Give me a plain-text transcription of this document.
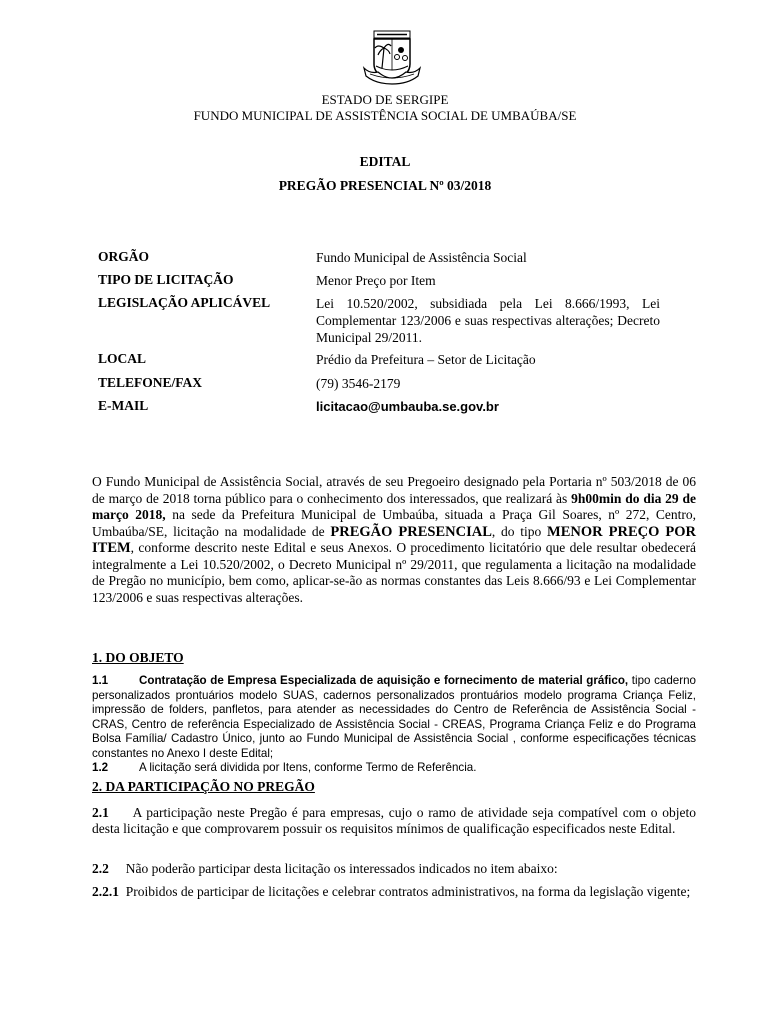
ESTADO DE SERGIPE
FUNDO MUNICIPAL DE ASSISTÊNCIA SOCIAL DE UMBAÚBA/SE
EDITAL
PREGÃO PRESENCIAL Nº 03/2018
ORGÃO	Fundo Municipal de Assistência Social
TIPO DE LICITAÇÃO	Menor Preço por Item
LEGISLAÇÃO APLICÁVEL	Lei 10.520/2002, subsidiada pela Lei 8.666/1993, Lei Complementar 123/2006 e suas respectivas alterações; Decreto Municipal 29/2011.
LOCAL	Prédio da Prefeitura – Setor de Licitação
TELEFONE/FAX	(79) 3546-2179
E-MAIL	licitacao@umbauba.se.gov.br

O Fundo Municipal de Assistência Social, através de seu Pregoeiro designado pela Portaria nº 503/2018 de 06 de março de 2018 torna público para o conhecimento dos interessados, que realizará às 9h00min do dia 29 de março 2018, na sede da Prefeitura Municipal de Umbaúba, situada a Praça Gil Soares, nº 272, Centro, Umbaúba/SE, licitação na modalidade de PREGÃO PRESENCIAL, do tipo MENOR PREÇO POR ITEM, conforme descrito neste Edital e seus Anexos. O procedimento licitatório que dele resultar obedecerá integralmente a Lei 10.520/2002, o Decreto Municipal nº 29/2011, que regulamenta a licitação na modalidade de Pregão no município, bem como, aplicar-se-ão as normas constantes das Leis 8.666/93 e Lei Complementar 123/2006 e suas respectivas alterações.

1. DO OBJETO

1.1	Contratação de Empresa Especializada de aquisição e fornecimento de material gráfico, tipo caderno personalizados prontuários modelo SUAS, cadernos personalizados prontuários modelo programa Criança Feliz, impressão de folders, panfletos, para atender as necessidades do Centro de Referência de Assistência Social - CRAS, Centro de referência Especializado de Assistência Social - CREAS, Programa Criança Feliz e do Programa Bolsa Família/ Cadastro Único, junto ao Fundo Municipal de Assistência Social , conforme especificações técnicas constantes no Anexo I deste Edital;

1.2	A licitação será dividida por Itens, conforme Termo de Referência.

2. DA PARTICIPAÇÃO NO PREGÃO

2.1 A participação neste Pregão é para empresas, cujo o ramo de atividade seja compatível com o objeto desta licitação e que comprovarem possuir os requisitos mínimos de qualificação especificados neste Edital.

2.2 Não poderão participar desta licitação os interessados indicados no item abaixo:

2.2.1 Proibidos de participar de licitações e celebrar contratos administrativos, na forma da legislação vigente;
